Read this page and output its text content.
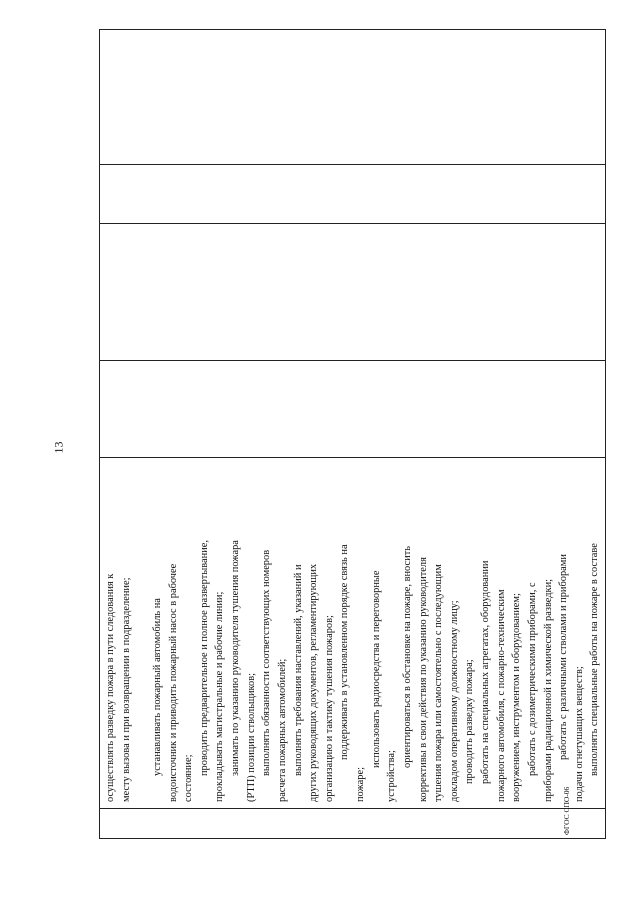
13

осуществлять разведку пожара в пути следования к месту вызова и при возвращении в подразделение;
устанавливать пожарный автомобиль на водоисточник и приводить пожарный насос в рабочее состояние;
проводить предварительное и полное развертывание, прокладывать магистральные и рабочие линии; занимать по указанию руководителя тушения пожара (РТП) позиции ствольщиков; выполнять обязанности соответствующих номеров расчета пожарных автомобилей; выполнять требования наставлений, указаний и других руководящих документов, регламентирующих организацию и тактику тушения пожаров; поддерживать в установленном порядке связь на
пожаре;
использовать радиосредства и переговорные
устройства;
ориентироваться в обстановке на пожаре, вносить коррективы в свои действия по указанию руководителя тушения пожара или самостоятельно с последующим докладом оперативному должностному лицу; проводить разведку пожара; работать на специальных агрегатах, оборудовании пожарного автомобиля, с пожарно-техническим вооружением, инструментом и оборудованием; работать с дозиметрическими приборами, с приборами радиационной и химической разведки; работать с различными стволами и приборами подачи огнетушащих веществ; выполнять специальные работы на пожаре в составе

ФГОС СПО-06
